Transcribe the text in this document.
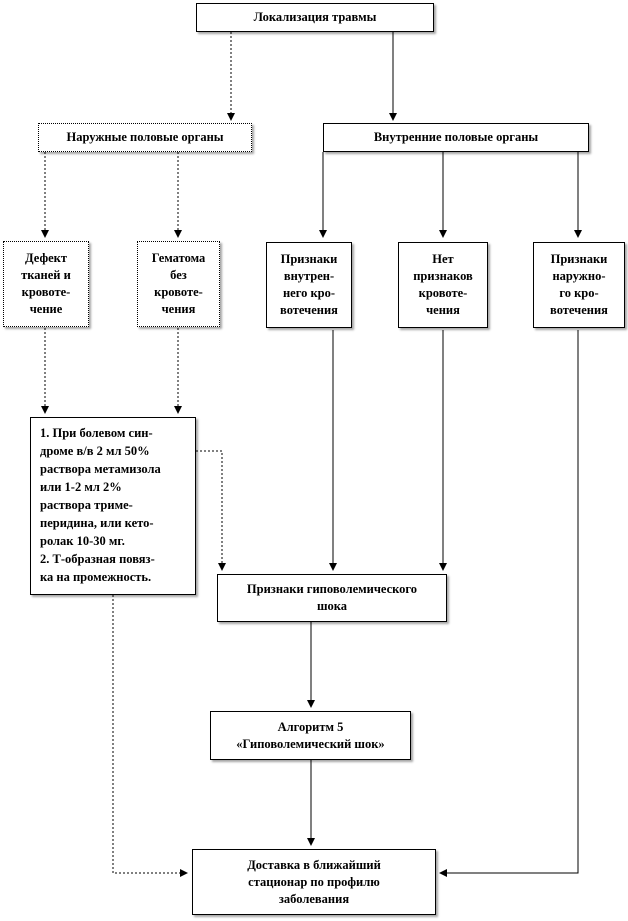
Локализация травмы
Наружные половые органы	Внутренние половые органы
Дефект
тканей и
кровоте-
чение
Гематома
без
кровоте-
чения
Признаки
внутрен-
него кро-
вотечения
Нет
признаков
кровоте-
чения
Признаки
наружно-
го кро-
вотечения
1. При болевом син-
дроме в/в 2 мл 50%
раствора метамизола
или 1-2 мл 2%
раствора триме-
перидина, или кето-
ролак 10-30 мг.
2. Т-образная повяз-
ка на промежность.
Признаки гиповолемического
шока
Алгоритм 5
«Гиповолемический шок»
Доставка в ближайший
стационар по профилю
заболевания
